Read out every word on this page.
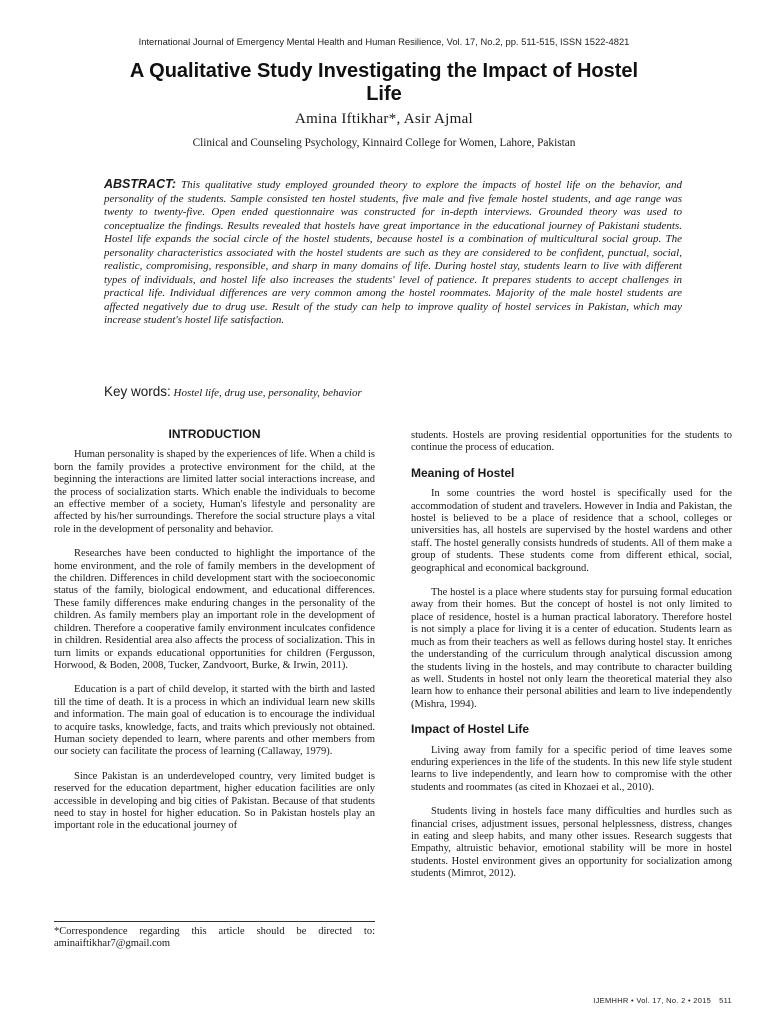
International Journal of Emergency Mental Health and Human Resilience, Vol. 17, No.2, pp. 511-515, ISSN 1522-4821
A Qualitative Study Investigating the Impact of Hostel Life
Amina Iftikhar*, Asir Ajmal
Clinical and Counseling Psychology, Kinnaird College for Women, Lahore, Pakistan

ABSTRACT: This qualitative study employed grounded theory to explore the impacts of hostel life on the behavior, and personality of the students. Sample consisted ten hostel students, five male and five female hostel students, and age range was twenty to twenty-five. Open ended questionnaire was constructed for in-depth interviews. Grounded theory was used to conceptualize the findings. Results revealed that hostels have great importance in the educational journey of Pakistani students. Hostel life expands the social circle of the hostel students, because hostel is a combination of multicultural social group. The personality characteristics associated with the hostel students are such as they are considered to be confident, punctual, social, realistic, compromising, responsible, and sharp in many domains of life. During hostel stay, students learn to live with different types of individuals, and hostel life also increases the students' level of patience. It prepares students to accept challenges in practical life. Individual differences are very common among the hostel roommates. Majority of the male hostel students are affected negatively due to drug use. Result of the study can help to improve quality of hostel services in Pakistan, which may increase student's hostel life satisfaction.

Key words: Hostel life, drug use, personality, behavior

INTRODUCTION

Human personality is shaped by the experiences of life. When a child is born the family provides a protective environment for the child, at the beginning the interactions are limited latter social interactions increase, and the process of socialization starts. Which enable the individuals to become an effective member of a society, Human's lifestyle and personality are affected by his/her surroundings. Therefore the social structure plays a vital role in the development of personality and behavior.

Researches have been conducted to highlight the importance of the home environment, and the role of family members in the development of the children. Differences in child development start with the socioeconomic status of the family, biological endowment, and educational differences. These family differences make enduring changes in the personality of the children. As family members play an important role in the development of children. Therefore a cooperative family environment inculcates confidence in children. Residential area also affects the process of socialization. This in turn limits or expands educational opportunities for children (Fergusson, Horwood, & Boden, 2008, Tucker, Zandvoort, Burke, & Irwin, 2011).

Education is a part of child develop, it started with the birth and lasted till the time of death. It is a process in which an individual learn new skills and information. The main goal of education is to encourage the individual to acquire tasks, knowledge, facts, and traits which previously not obtained. Human society depended to learn, where parents and other members from our society can facilitate the process of learning (Callaway, 1979).

Since Pakistan is an underdeveloped country, very limited budget is reserved for the education department, higher education facilities are only accessible in developing and big cities of Pakistan. Because of that students need to stay in hostel for higher education. So in Pakistan hostels play an important role in the educational journey of

*Correspondence regarding this article should be directed to: aminaiftikhar7@gmail.com

students. Hostels are proving residential opportunities for the students to continue the process of education.

Meaning of Hostel

In some countries the word hostel is specifically used for the accommodation of student and travelers. However in India and Pakistan, the hostel is believed to be a place of residence that a school, colleges or universities has, all hostels are supervised by the hostel wardens and other staff. The hostel generally consists hundreds of students. All of them make a group of students. These students come from different ethical, social, geographical and economical background.

The hostel is a place where students stay for pursuing formal education away from their homes. But the concept of hostel is not only limited to place of residence, hostel is a human practical laboratory. Therefore hostel is not simply a place for living it is a center of education. Students learn as much as from their teachers as well as fellows during hostel stay. It enriches the understanding of the curriculum through analytical discussion among the students living in the hostels, and may contribute to character building as well. Students in hostel not only learn the theoretical material they also learn how to enhance their personal abilities and learn to live independently (Mishra, 1994).

Impact of Hostel Life

Living away from family for a specific period of time leaves some enduring experiences in the life of the students. In this new life style student learns to live independently, and learn how to compromise with the other students and roommates (as cited in Khozaei et al., 2010).

Students living in hostels face many difficulties and hurdles such as financial crises, adjustment issues, personal helplessness, distress, changes in eating and sleep habits, and many other issues. Research suggests that Empathy, altruistic behavior, emotional stability will be more in hostel students. Hostel environment gives an opportunity for socialization among students (Mimrot, 2012).

IJEMHHR • Vol. 17, No. 2 • 2015 511
